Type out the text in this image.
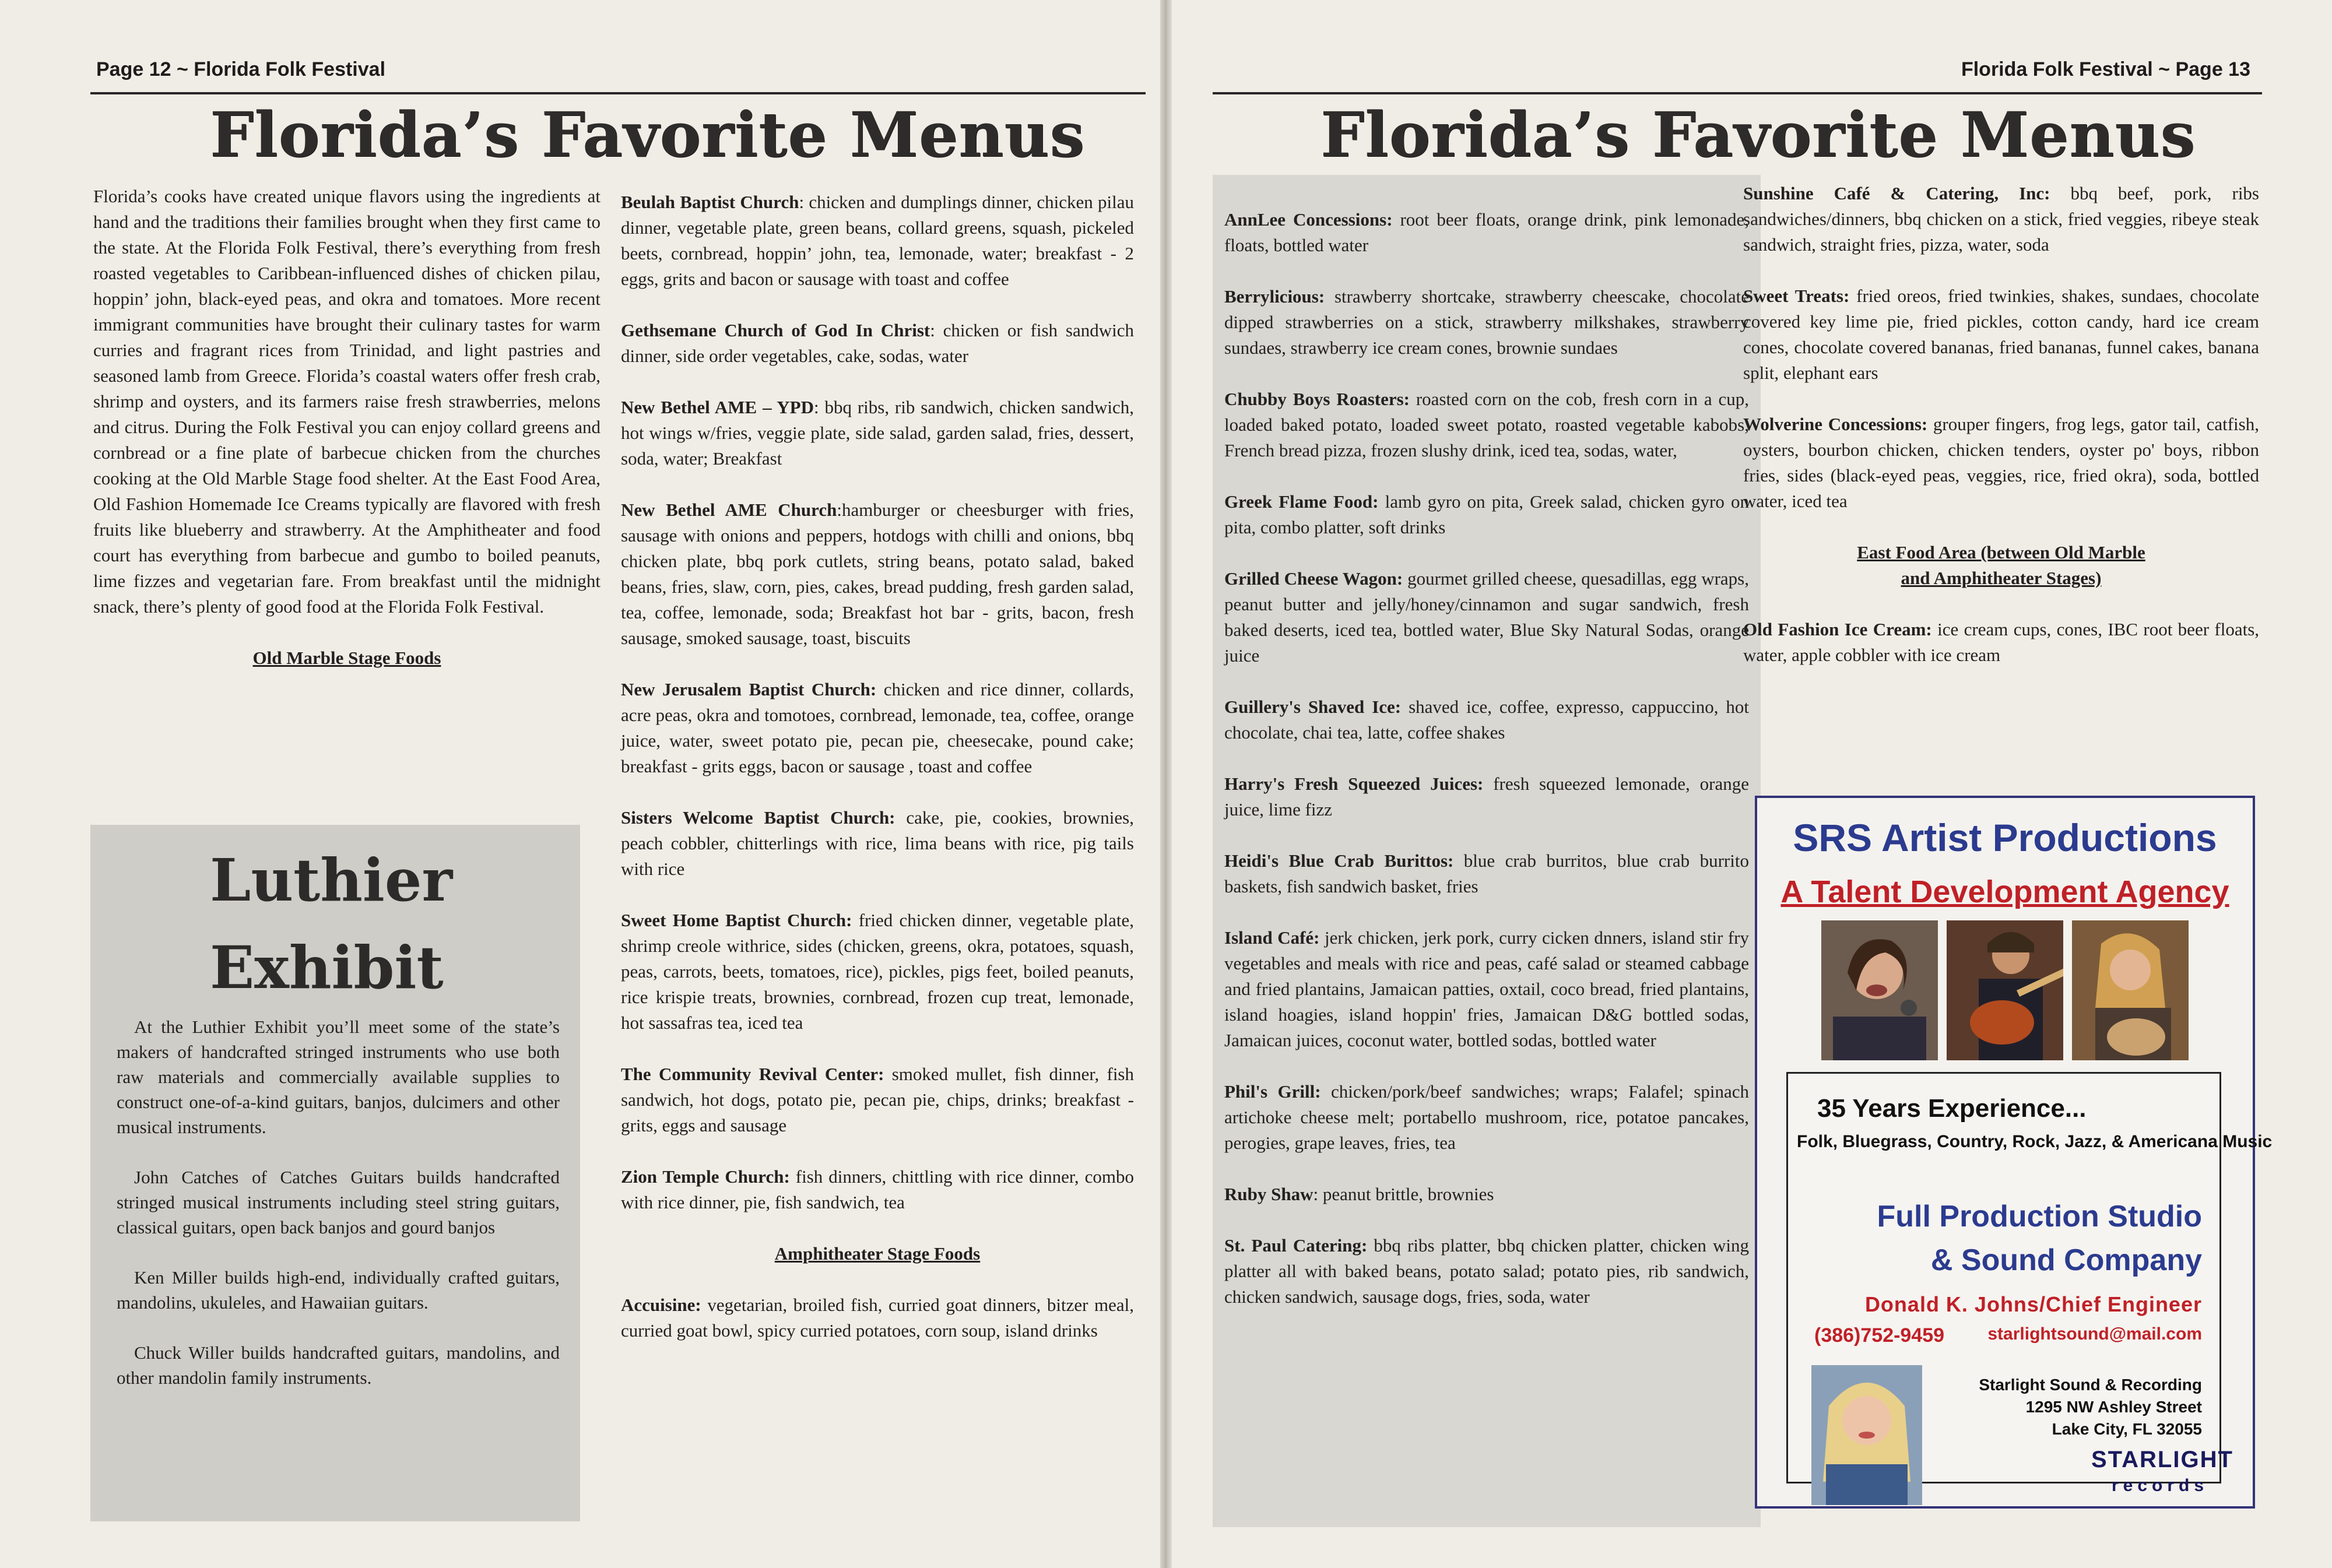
Page 12 ~ Florida Folk Festival
Florida’s Favorite Menus

Florida’s cooks have created unique flavors using the ingredients at hand and the traditions their families brought when they first came to the state. At the Florida Folk Festival, there’s everything from fresh roasted vegetables to Caribbean-influenced dishes of chicken pilau, hoppin’ john, black-eyed peas, and okra and tomatoes. More recent immigrant communities have brought their culinary tastes for warm curries and fragrant rices from Trinidad, and light pastries and seasoned lamb from Greece. Florida’s coastal waters offer fresh crab, shrimp and oysters, and its farmers raise fresh strawberries, melons and citrus. During the Folk Festival you can enjoy collard greens and cornbread or a fine plate of barbecue chicken from the churches cooking at the Old Marble Stage food shelter. At the East Food Area, Old Fashion Homemade Ice Creams typically are flavored with fresh fruits like blueberry and strawberry. At the Amphitheater and food court has everything from barbecue and gumbo to boiled peanuts, lime fizzes and vegetarian fare. From breakfast until the midnight snack, there’s plenty of good food at the Florida Folk Festival.

Old Marble Stage Foods

Luthier
Exhibit

At the Luthier Exhibit you’ll meet some of the state’s makers of handcrafted stringed instruments who use both raw materials and commercially available supplies to construct one-of-a-kind guitars, banjos, dulcimers and other musical instruments.

John Catches of Catches Guitars builds handcrafted stringed musical instruments including steel string guitars, classical guitars, open back banjos and gourd banjos

Ken Miller builds high-end, individually crafted guitars, mandolins, ukuleles, and Hawaiian guitars.

Chuck Willer builds handcrafted guitars, mandolins, and other mandolin family instruments.

Beulah Baptist Church: chicken and dumplings dinner, chicken pilau dinner, vegetable plate, green beans, collard greens, squash, pickeled beets, cornbread, hoppin’ john, tea, lemonade, water; breakfast - 2 eggs, grits and bacon or sausage with toast and coffee

Gethsemane Church of God In Christ: chicken or fish sandwich dinner, side order vegetables, cake, sodas, water

New Bethel AME – YPD: bbq ribs, rib sandwich, chicken sandwich, hot wings w/fries, veggie plate, side salad, garden salad, fries, dessert, soda, water; Breakfast

New Bethel AME Church:hamburger or cheesburger with fries, sausage with onions and peppers, hotdogs with chilli and onions, bbq chicken plate, bbq pork cutlets, string beans, potato salad, baked beans, fries, slaw, corn, pies, cakes, bread pudding, fresh garden salad, tea, coffee, lemonade, soda; Breakfast hot bar - grits, bacon, fresh sausage, smoked sausage, toast, biscuits

New Jerusalem Baptist Church: chicken and rice dinner, collards, acre peas, okra and tomotoes, cornbread, lemonade, tea, coffee, orange juice, water, sweet potato pie, pecan pie, cheesecake, pound cake; breakfast - grits eggs, bacon or sausage , toast and coffee

Sisters Welcome Baptist Church: cake, pie, cookies, brownies, peach cobbler, chitterlings with rice, lima beans with rice, pig tails with rice

Sweet Home Baptist Church: fried chicken dinner, vegetable plate, shrimp creole withrice, sides (chicken, greens, okra, potatoes, squash, peas, carrots, beets, tomatoes, rice), pickles, pigs feet, boiled peanuts, rice krispie treats, brownies, cornbread, frozen cup treat, lemonade, hot sassafras tea, iced tea

The Community Revival Center: smoked mullet, fish dinner, fish sandwich, hot dogs, potato pie, pecan pie, chips, drinks; breakfast - grits, eggs and sausage

Zion Temple Church: fish dinners, chittling with rice dinner, combo with rice dinner, pie, fish sandwich, tea

Amphitheater Stage Foods

Accuisine: vegetarian, broiled fish, curried goat dinners, bitzer meal, curried goat bowl, spicy curried potatoes, corn soup, island drinks

Florida Folk Festival ~ Page 13
Florida’s Favorite Menus

AnnLee Concessions: root beer floats, orange drink, pink lemonade, floats, bottled water

Berrylicious: strawberry shortcake, strawberry cheescake, chocolate dipped strawberries on a stick, strawberry milkshakes, strawberry sundaes, strawberry ice cream cones, brownie sundaes

Chubby Boys Roasters: roasted corn on the cob, fresh corn in a cup, loaded baked potato, loaded sweet potato, roasted vegetable kabobs, French bread pizza, frozen slushy drink, iced tea, sodas, water,

Greek Flame Food: lamb gyro on pita, Greek salad, chicken gyro on pita, combo platter, soft drinks

Grilled Cheese Wagon: gourmet grilled cheese, quesadillas, egg wraps, peanut butter and jelly/honey/cinnamon and sugar sandwich, fresh baked deserts, iced tea, bottled water, Blue Sky Natural Sodas, orange juice

Guillery's Shaved Ice: shaved ice, coffee, expresso, cappuccino, hot chocolate, chai tea, latte, coffee shakes

Harry's Fresh Squeezed Juices: fresh squeezed lemonade, orange juice, lime fizz

Heidi's Blue Crab Burittos: blue crab burritos, blue crab burrito baskets, fish sandwich basket, fries

Island Café: jerk chicken, jerk pork, curry cicken dnners, island stir fry vegetables and meals with rice and peas, café salad or steamed cabbage and fried plantains, Jamaican patties, oxtail, coco bread, fried plantains, island hoagies, island hoppin' fries, Jamaican D&G bottled sodas, Jamaican juices, coconut water, bottled sodas, bottled water

Phil's Grill: chicken/pork/beef sandwiches; wraps; Falafel; spinach artichoke cheese melt; portabello mushroom, rice, potatoe pancakes, perogies, grape leaves, fries, tea

Ruby Shaw: peanut brittle, brownies

St. Paul Catering: bbq ribs platter, bbq chicken platter, chicken wing platter all with baked beans, potato salad; potato pies, rib sandwich, chicken sandwich, sausage dogs, fries, soda, water

Sunshine Café & Catering, Inc: bbq beef, pork, ribs sandwiches/dinners, bbq chicken on a stick, fried veggies, ribeye steak sandwich, straight fries, pizza, water, soda

Sweet Treats: fried oreos, fried twinkies, shakes, sundaes, chocolate covered key lime pie, fried pickles, cotton candy, hard ice cream cones, chocolate covered bananas, fried bananas, funnel cakes, banana split, elephant ears

Wolverine Concessions: grouper fingers, frog legs, gator tail, catfish, oysters, bourbon chicken, chicken tenders, oyster po' boys, ribbon fries, sides (black-eyed peas, veggies, rice, fried okra), soda, bottled water, iced tea

East Food Area (between Old Marble
and Amphitheater Stages)

Old Fashion Ice Cream: ice cream cups, cones, IBC root beer floats, water, apple cobbler with ice cream

SRS Artist Productions
A Talent Development Agency
35 Years Experience...
Folk, Bluegrass, Country, Rock, Jazz, & Americana Music
Full Production Studio
& Sound Company
Donald K. Johns/Chief Engineer
(386)752-9459 starlightsound@mail.com
Starlight Sound & Recording
1295 NW Ashley Street
Lake City, FL 32055
STARLIGHT
records
